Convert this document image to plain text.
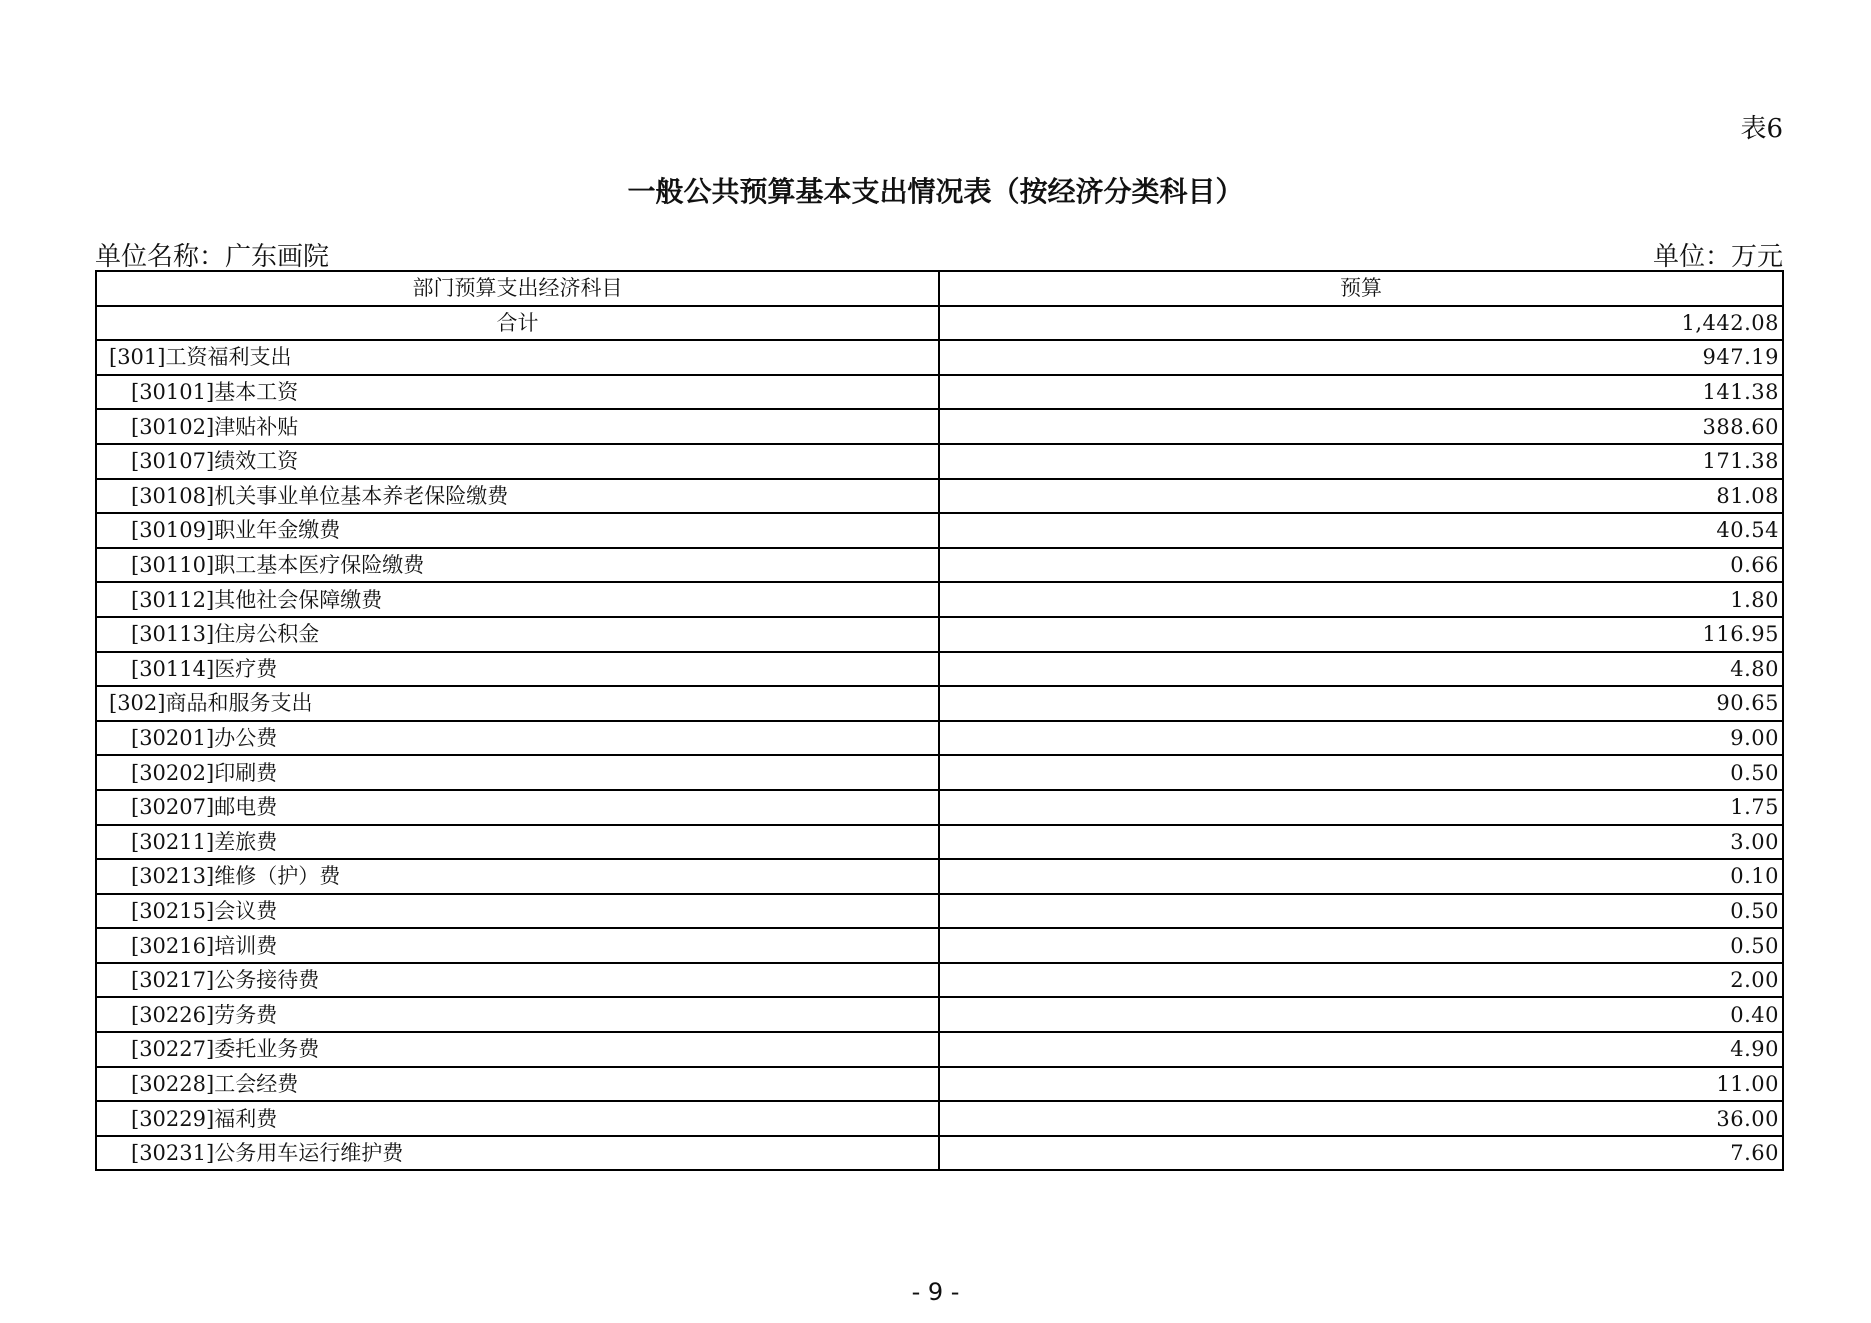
表6
一般公共预算基本支出情况表（按经济分类科目）
单位名称：广东画院	单位：万元
部门预算支出经济科目	预算
合计	1,442.08
[301]工资福利支出	947.19
[30101]基本工资	141.38
[30102]津贴补贴	388.60
[30107]绩效工资	171.38
[30108]机关事业单位基本养老保险缴费	81.08
[30109]职业年金缴费	40.54
[30110]职工基本医疗保险缴费	0.66
[30112]其他社会保障缴费	1.80
[30113]住房公积金	116.95
[30114]医疗费	4.80
[302]商品和服务支出	90.65
[30201]办公费	9.00
[30202]印刷费	0.50
[30207]邮电费	1.75
[30211]差旅费	3.00
[30213]维修（护）费	0.10
[30215]会议费	0.50
[30216]培训费	0.50
[30217]公务接待费	2.00
[30226]劳务费	0.40
[30227]委托业务费	4.90
[30228]工会经费	11.00
[30229]福利费	36.00
[30231]公务用车运行维护费	7.60
- 9 -
